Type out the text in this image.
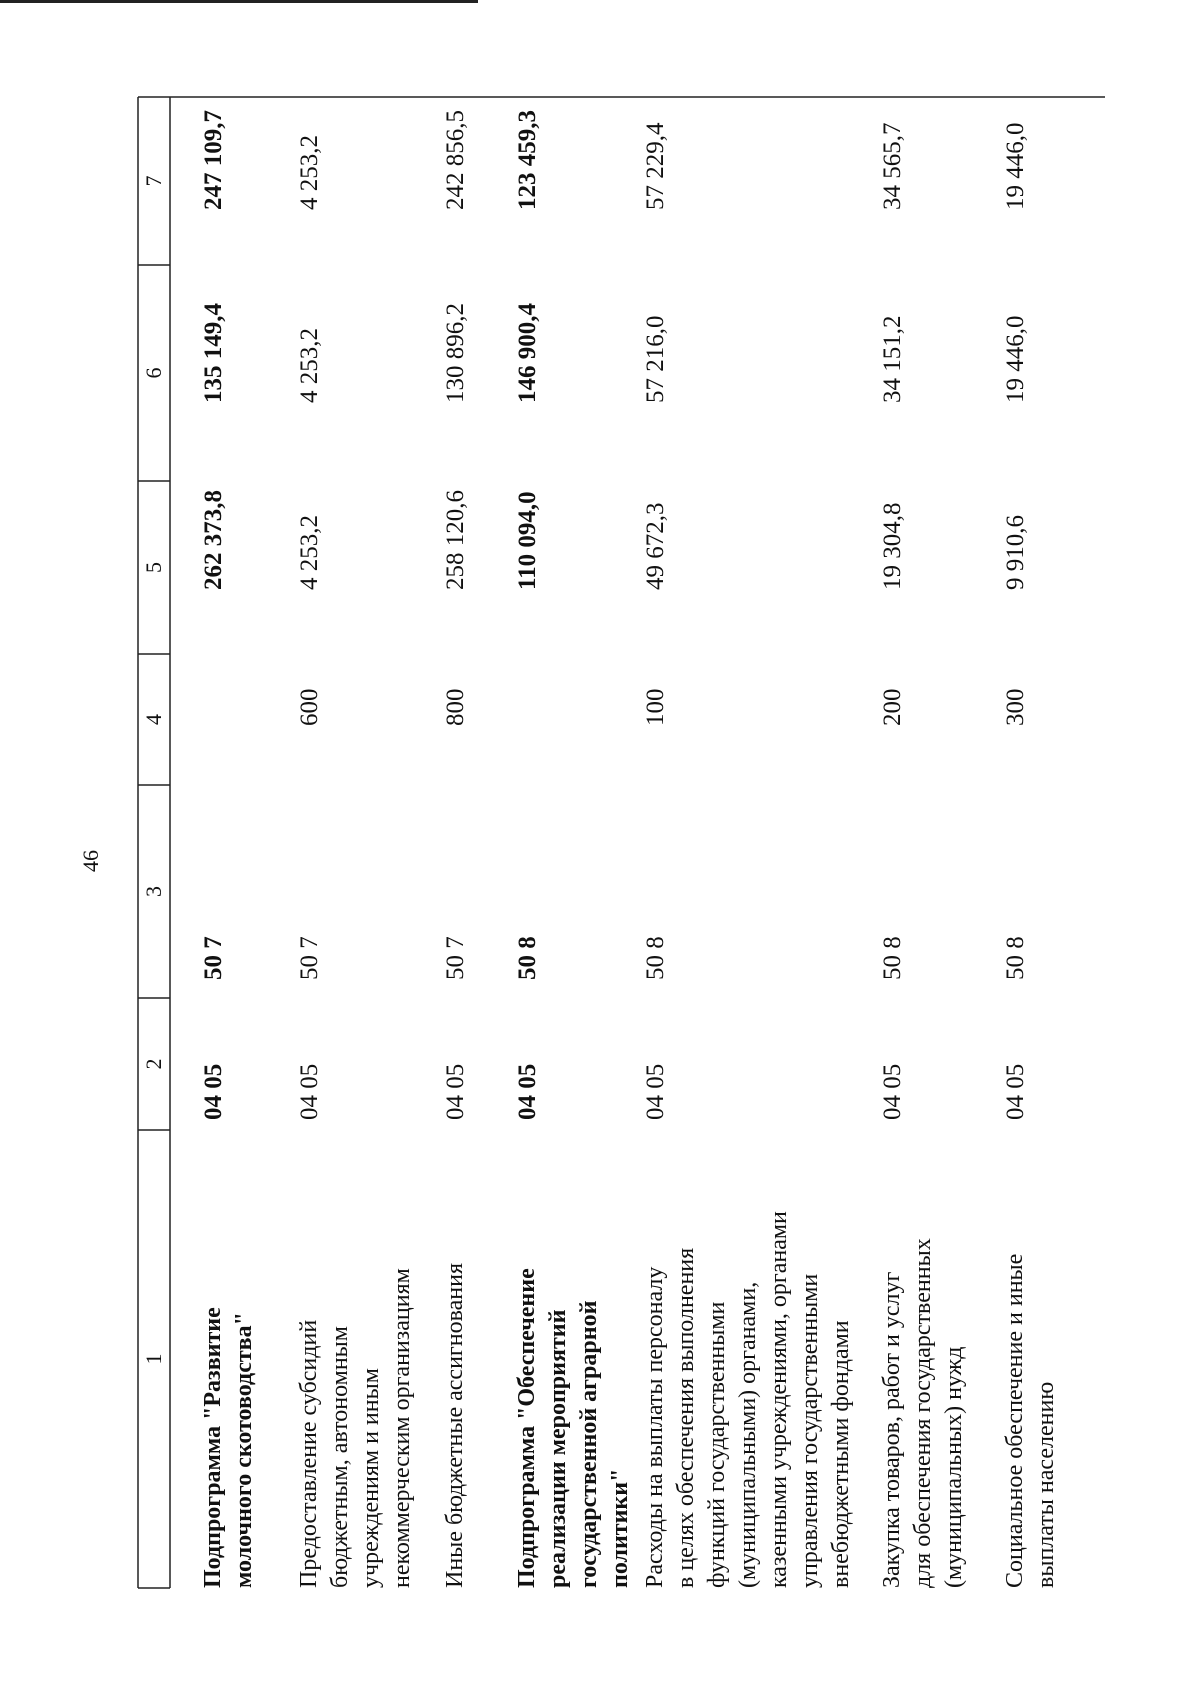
46
1
2
3
4
5
6
7
Подпрограмма "Развитие молочного скотоводства"
04 05
50 7
262 373,8
135 149,4
247 109,7
Предоставление субсидий бюджетным, автономным учреждениям и иным некоммерческим организациям
04 05
50 7
600
4 253,2
4 253,2
4 253,2
Иные бюджетные ассигнования
04 05
50 7
800
258 120,6
130 896,2
242 856,5
Подпрограмма "Обеспечение реализации мероприятий государственной аграрной политики"
04 05
50 8
110 094,0
146 900,4
123 459,3
Расходы на выплаты персоналу в целях обеспечения выполнения функций государственными (муниципальными) органами, казенными учреждениями, органами управления государственными внебюджетными фондами
04 05
50 8
100
49 672,3
57 216,0
57 229,4
Закупка товаров, работ и услуг для обеспечения государственных (муниципальных) нужд
04 05
50 8
200
19 304,8
34 151,2
34 565,7
Социальное обеспечение и иные выплаты населению
04 05
50 8
300
9 910,6
19 446,0
19 446,0
